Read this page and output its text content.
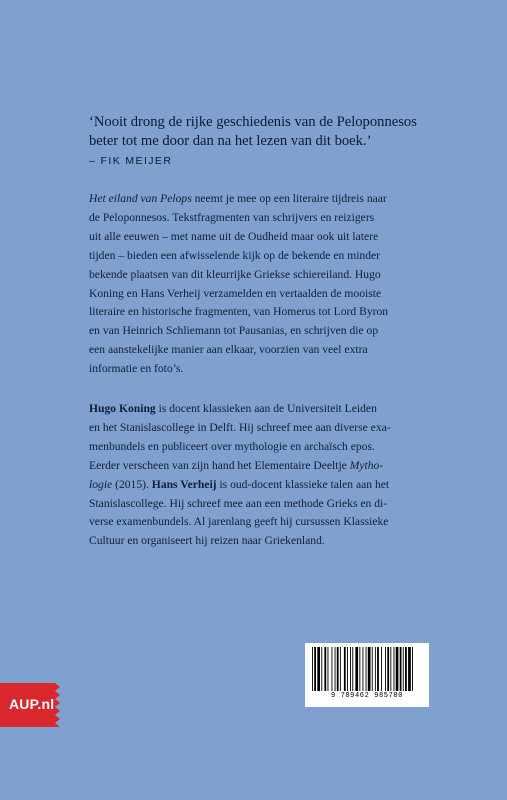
‘Nooit drong de rijke geschiedenis van de Peloponnesos
beter tot me door dan na het lezen van dit boek.’

– FIK MEIJER

Het eiland van Pelops neemt je mee op een literaire tijdreis naar
de Peloponnesos. Tekstfragmenten van schrijvers en reizigers
uit alle eeuwen – met name uit de Oudheid maar ook uit latere
tijden – bieden een afwisselende kijk op de bekende en minder
bekende plaatsen van dit kleurrijke Griekse schiereiland. Hugo
Koning en Hans Verheij verzamelden en vertaalden de mooiste
literaire en historische fragmenten, van Homerus tot Lord Byron
en van Heinrich Schliemann tot Pausanias, en schrijven die op
een aanstekelijke manier aan elkaar, voorzien van veel extra
informatie en foto’s.

Hugo Koning is docent klassieken aan de Universiteit Leiden
en het Stanislascollege in Delft. Hij schreef mee aan diverse exa-
menbundels en publiceert over mythologie en archaïsch epos.
Eerder verscheen van zijn hand het Elementaire Deeltje Mytho-
logie (2015). Hans Verheij is oud-docent klassieke talen aan het
Stanislascollege. Hij schreef mee aan een methode Grieks en di-
verse examenbundels. Al jarenlang geeft hij cursussen Klassieke
Cultuur en organiseert hij reizen naar Griekenland.

9 789462 985780
AUP.nl
